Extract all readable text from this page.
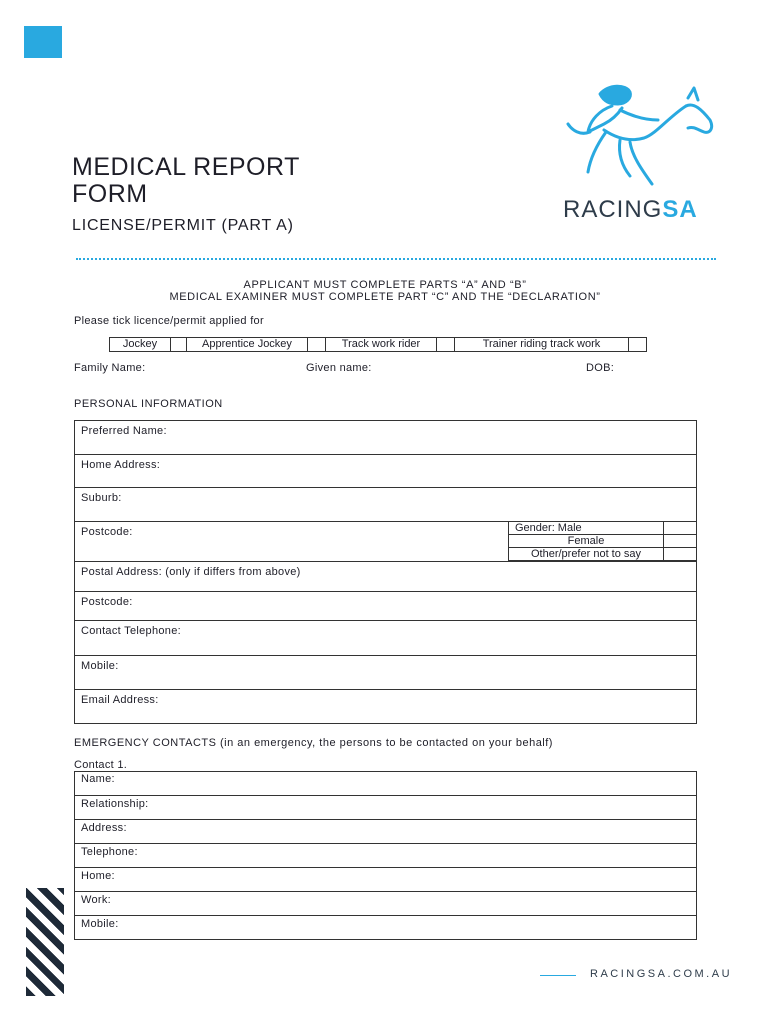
MEDICAL REPORT
FORM
LICENSE/PERMIT (PART A)
RACINGSA
APPLICANT MUST COMPLETE PARTS “A” AND “B”
MEDICAL EXAMINER MUST COMPLETE PART “C” AND THE “DECLARATION”
Please tick licence/permit applied for
Jockey	Apprentice Jockey	Track work rider	Trainer riding track work
Family Name:	Given name:	DOB:
PERSONAL INFORMATION
Preferred Name:
Home Address:
Suburb:
Postcode:
Postal Address: (only if differs from above)
Postcode:
Contact Telephone:
Mobile:
Email Address:
Gender: Male	
Female	
Other/prefer not to say	
EMERGENCY CONTACTS (in an emergency, the persons to be contacted on your behalf)
Contact 1.
Name:
Relationship:
Address:
Telephone:
Home:
Work:
Mobile:
RACINGSA.COM.AU
